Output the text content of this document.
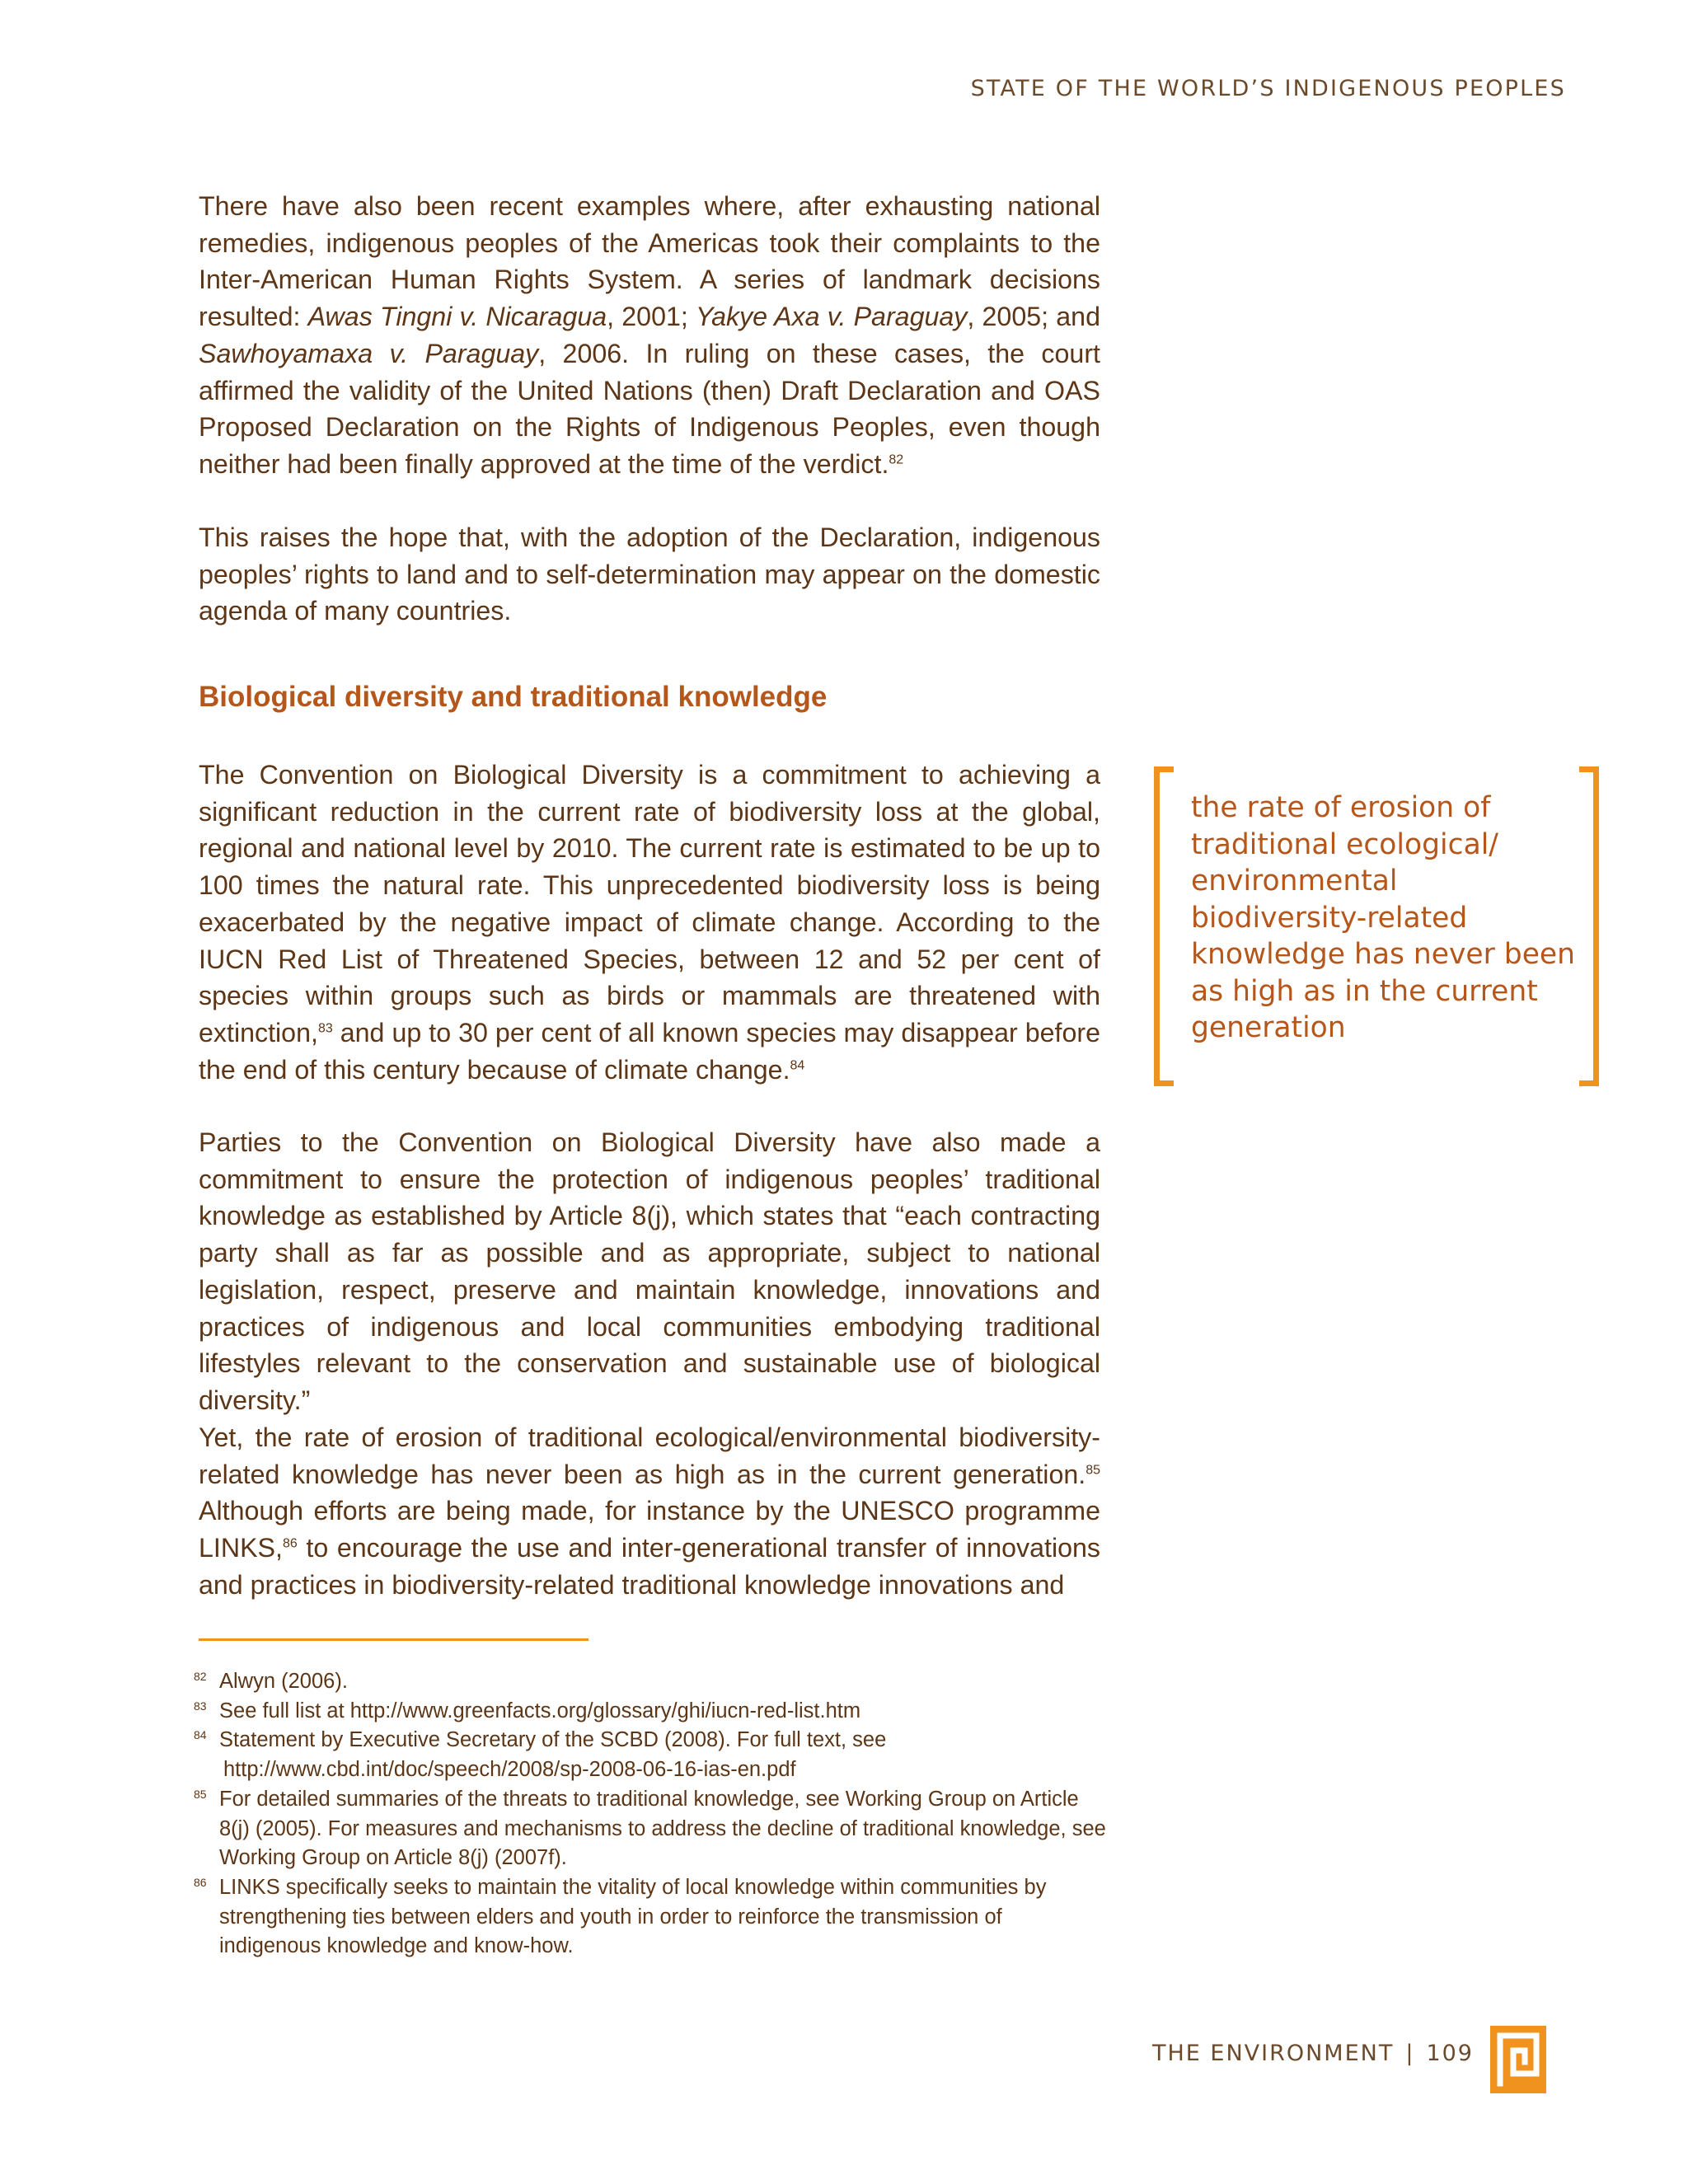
STATE OF THE WORLD’S INDIGENOUS PEOPLES

There have also been recent examples where, after exhausting national remedies, indigenous peoples of the Americas took their complaints to the Inter-American Human Rights System. A series of landmark decisions resulted: Awas Tingni v. Nicaragua, 2001; Yakye Axa v. Paraguay, 2005; and Sawhoyamaxa v. Paraguay, 2006. In ruling on these cases, the court affirmed the validity of the United Nations (then) Draft Declaration and OAS Proposed Declaration on the Rights of Indigenous Peoples, even though neither had been finally approved at the time of the verdict.$^{82}$

This raises the hope that, with the adoption of the Declaration, indigenous peoples’ rights to land and to self-determination may appear on the domestic agenda of many countries.

Biological diversity and traditional knowledge

The Convention on Biological Diversity is a commitment to achieving a significant reduction in the current rate of biodiversity loss at the global, regional and national level by 2010. The current rate is estimated to be up to 100 times the natural rate. This unprecedented biodiversity loss is being exacerbated by the negative impact of climate change. According to the IUCN Red List of Threatened Species, between 12 and 52 per cent of species within groups such as birds or mammals are threatened with extinction,$^{83}$ and up to 30 per cent of all known species may disappear before the end of this century because of climate change.$^{84}$

Parties to the Convention on Biological Diversity have also made a commitment to ensure the protection of indigenous peoples’ traditional knowledge as established by Article 8(j), which states that “each contracting party shall as far as possible and as appropriate, subject to national legislation, respect, preserve and maintain knowledge, innovations and practices of indigenous and local communities embodying traditional lifestyles relevant to the conservation and sustainable use of biological diversity.”

Yet, the rate of erosion of traditional ecological/environmental biodiversity-related knowledge has never been as high as in the current generation.$^{85}$ Although efforts are being made, for instance by the UNESCO programme LINKS,$^{86}$ to encourage the use and inter-generational transfer of innovations and practices in biodiversity-related traditional knowledge innovations and

the rate of erosion of traditional ecological/ environmental biodiversity-related knowledge has never been as high as in the current generation
82 Alwyn (2006).
83 See full list at http://www.greenfacts.org/glossary/ghi/iucn-red-list.htm
84 Statement by Executive Secretary of the SCBD (2008). For full text, see
http://www.cbd.int/doc/speech/2008/sp-2008-06-16-ias-en.pdf
85 For detailed summaries of the threats to traditional knowledge, see Working Group on Article 8(j) (2005). For measures and mechanisms to address the decline of traditional knowledge, see Working Group on Article 8(j) (2007f).
86 LINKS specifically seeks to maintain the vitality of local knowledge within communities by strengthening ties between elders and youth in order to reinforce the transmission of indigenous knowledge and know-how.
THE ENVIRONMENT | 109
